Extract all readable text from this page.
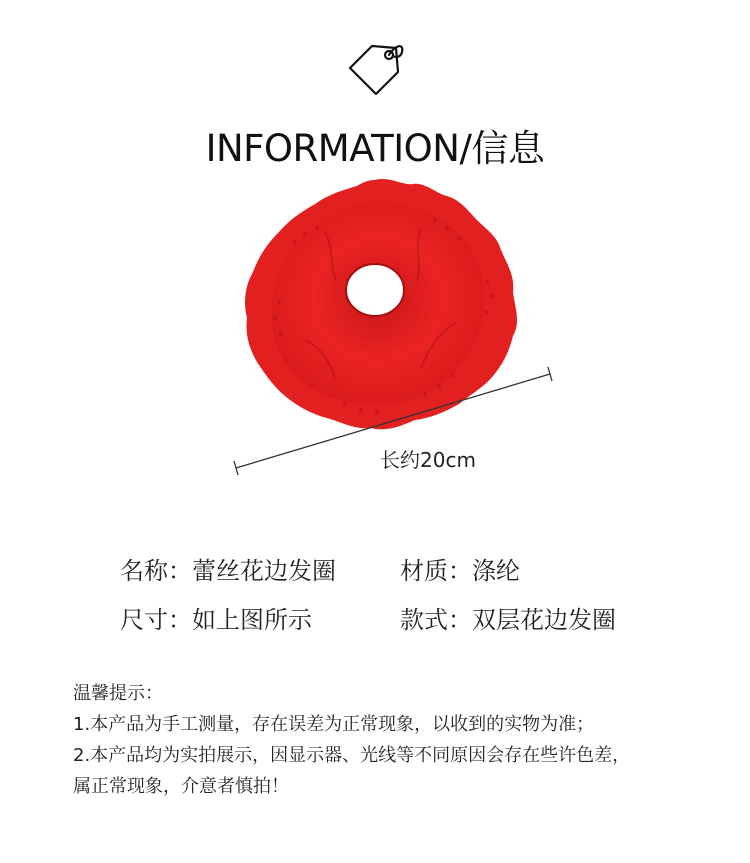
INFORMATION/信息
长约20cm
名称：蕾丝花边发圈	材质：涤纶
尺寸：如上图所示	款式：双层花边发圈
温馨提示：
1.本产品为手工测量，存在误差为正常现象，以收到的实物为准；
2.本产品均为实拍展示，因显示器、光线等不同原因会存在些许色差，
属正常现象，介意者慎拍！
